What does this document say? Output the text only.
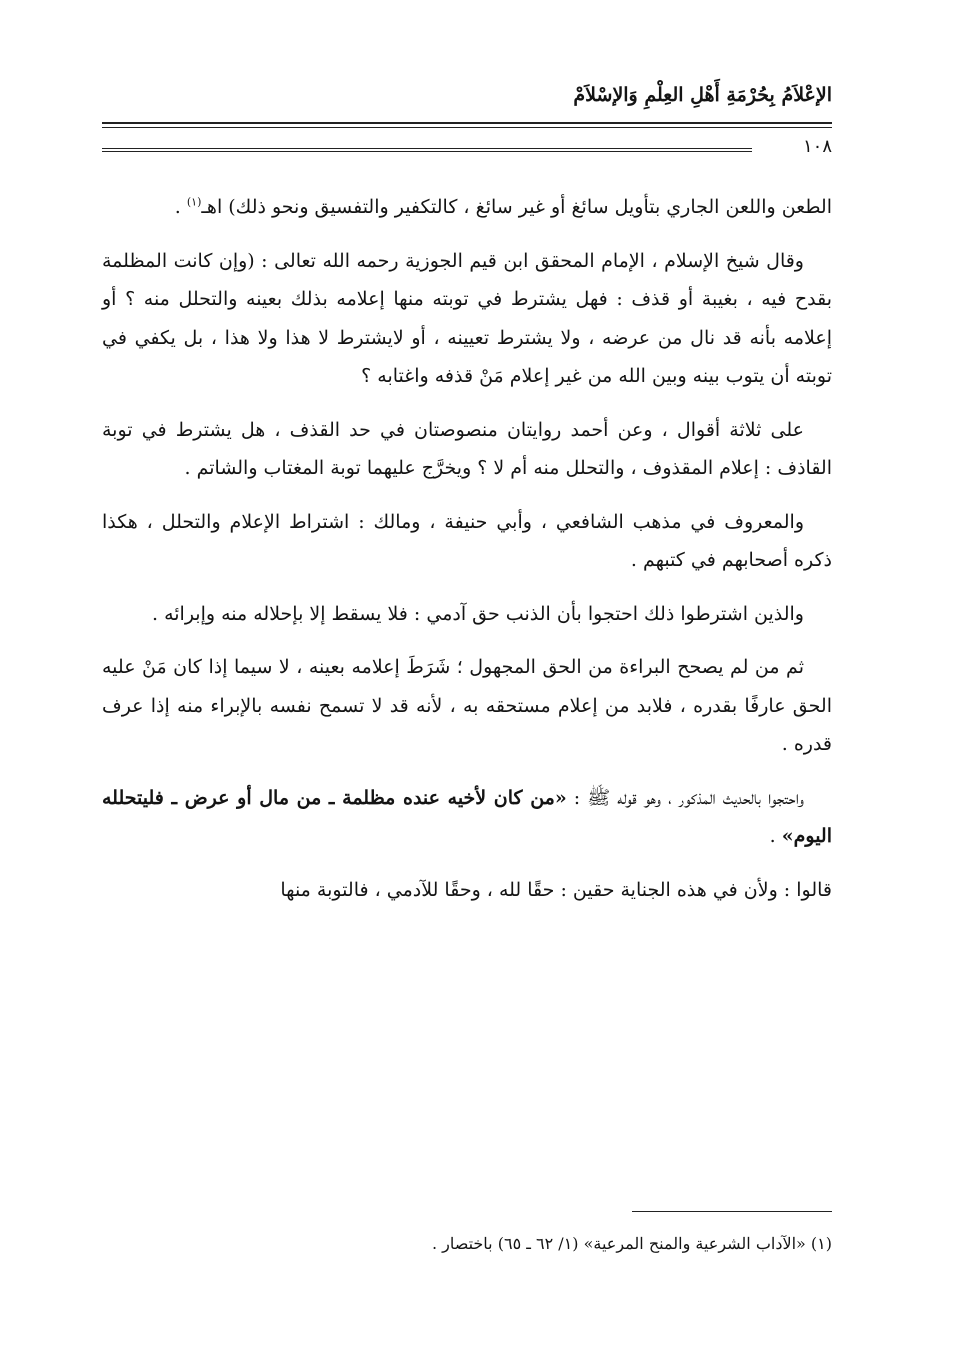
الإعْلاَمُ بِحُرْمَةِ أَهْلِ العِلْمِ وَالإسْلاَمْ
١٠٨

الطعن واللعن الجاري بتأويل سائغ أو غير سائغ ، كالتكفير والتفسيق ونحو ذلك) اهـ$^{(١)}$ .

وقال شيخ الإسلام ، الإمام المحقق ابن قيم الجوزية رحمه الله تعالى : (وإن كانت المظلمة بقدح فيه ، بغيبة أو قذف : فهل يشترط في توبته منها إعلامه بذلك بعينه والتحلل منه ؟ أو إعلامه بأنه قد نال من عرضه ، ولا يشترط تعيينه ، أو لايشترط لا هذا ولا هذا ، بل يكفي في توبته أن يتوب بينه وبين الله من غير إعلام مَنْ قذفه واغتابه ؟

على ثلاثة أقوال ، وعن أحمد روايتان منصوصتان في حد القذف ، هل يشترط في توبة القاذف : إعلام المقذوف ، والتحلل منه أم لا ؟ ويخرَّج عليهما توبة المغتاب والشاتم .

والمعروف في مذهب الشافعي ، وأبي حنيفة ، ومالك : اشتراط الإعلام والتحلل ، هكذا ذكره أصحابهم في كتبهم .

والذين اشترطوا ذلك احتجوا بأن الذنب حق آدمي : فلا يسقط إلا بإحلاله منه وإبرائه .

ثم من لم يصحح البراءة من الحق المجهول ؛ شَرَطَ إعلامه بعينه ، لا سيما إذا كان مَنْ عليه الحق عارفًا بقدره ، فلابد من إعلام مستحقه به ، لأنه قد لا تسمح نفسه بالإبراء منه إذا عرف قدره .

واحتجوا بالحديث المذكور ، وهو قوله ﷺ : «من كان لأخيه عنده مظلمة ـ من مال أو عرض ـ فليتحلله اليوم» .

قالوا : ولأن في هذه الجناية حقين : حقًا لله ، وحقًا للآدمي ، فالتوبة منها

(١) «الآداب الشرعية والمنح المرعية» (١/ ٦٢ ـ ٦٥) باختصار .
